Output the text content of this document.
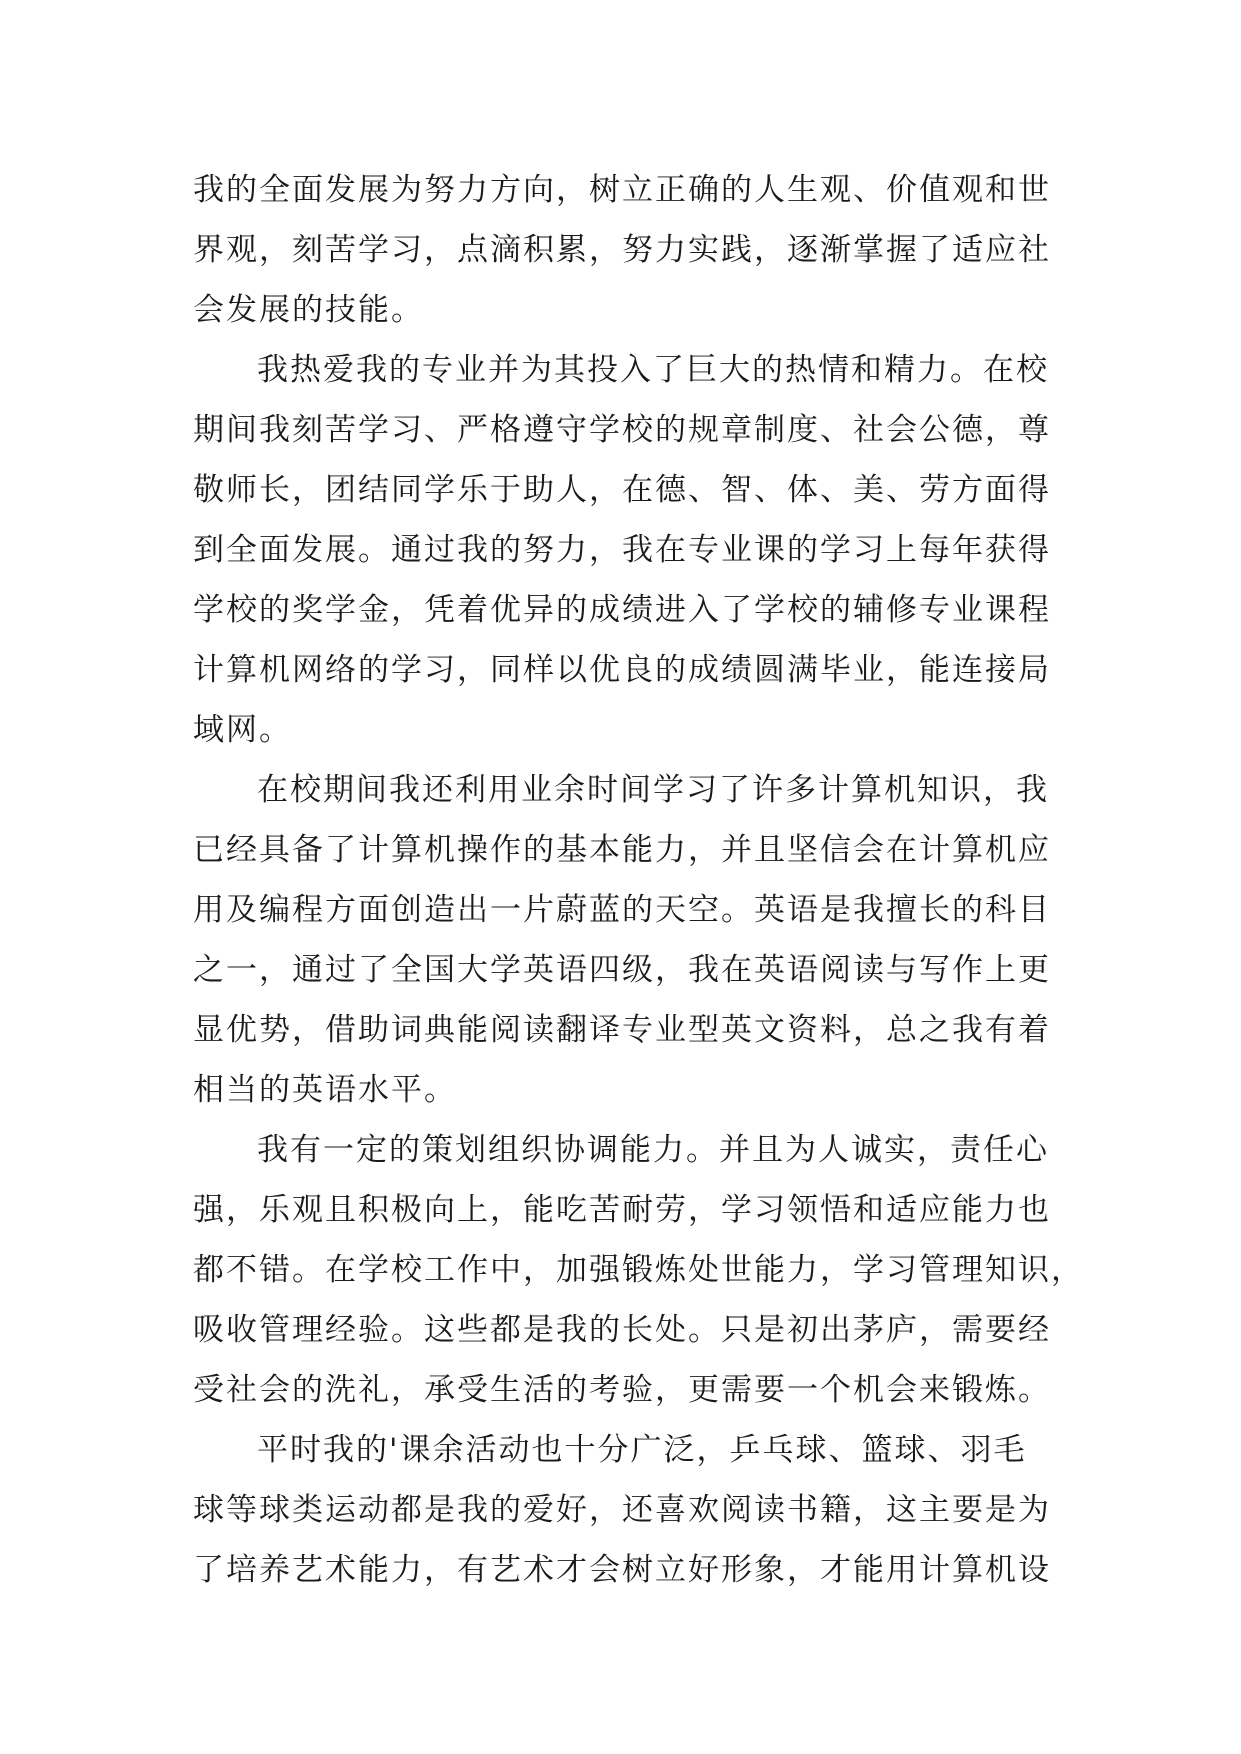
我的全面发展为努力方向，树立正确的人生观、价值观和世
界观，刻苦学习，点滴积累，努力实践，逐渐掌握了适应社
会发展的技能。
我热爱我的专业并为其投入了巨大的热情和精力。在校
期间我刻苦学习、严格遵守学校的规章制度、社会公德，尊
敬师长，团结同学乐于助人，在德、智、体、美、劳方面得
到全面发展。通过我的努力，我在专业课的学习上每年获得
学校的奖学金，凭着优异的成绩进入了学校的辅修专业课程
计算机网络的学习，同样以优良的成绩圆满毕业，能连接局
域网。
在校期间我还利用业余时间学习了许多计算机知识，我
已经具备了计算机操作的基本能力，并且坚信会在计算机应
用及编程方面创造出一片蔚蓝的天空。英语是我擅长的科目
之一，通过了全国大学英语四级，我在英语阅读与写作上更
显优势，借助词典能阅读翻译专业型英文资料，总之我有着
相当的英语水平。
我有一定的策划组织协调能力。并且为人诚实，责任心
强，乐观且积极向上，能吃苦耐劳，学习领悟和适应能力也
都不错。在学校工作中，加强锻炼处世能力，学习管理知识，
吸收管理经验。这些都是我的长处。只是初出茅庐，需要经
受社会的洗礼，承受生活的考验，更需要一个机会来锻炼。
平时我的'课余活动也十分广泛，乒乓球、篮球、羽毛
球等球类运动都是我的爱好，还喜欢阅读书籍，这主要是为
了培养艺术能力，有艺术才会树立好形象，才能用计算机设
